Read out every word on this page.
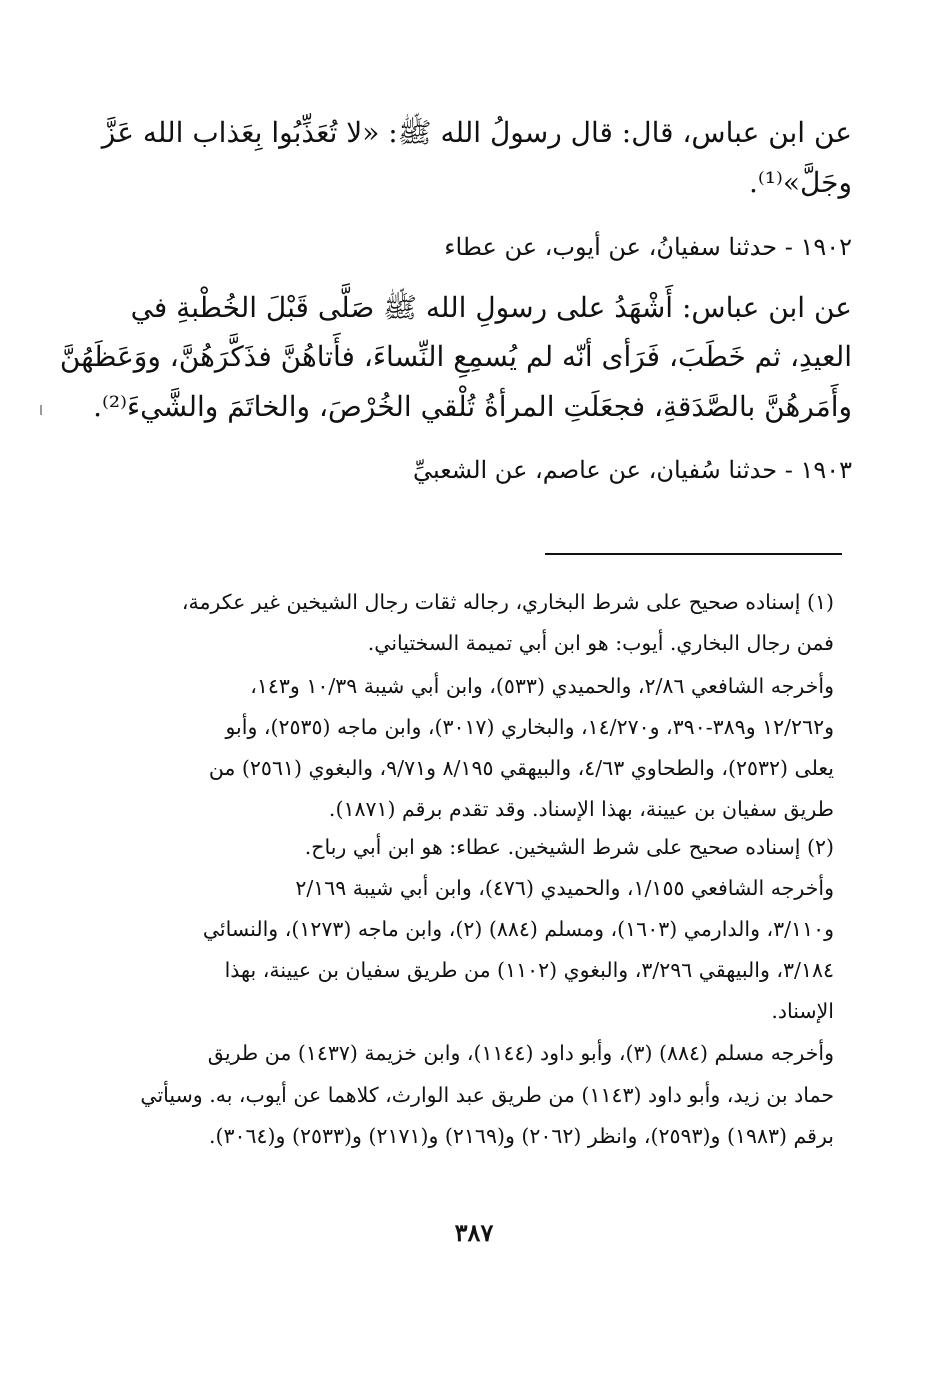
عن ابن عباس، قال: قال رسولُ الله ﷺ: «لا تُعَذِّبُوا بِعَذاب الله عَزَّ
وجَلَّ»⁽¹⁾.
١٩٠٢ - حدثنا سفيانُ، عن أيوب، عن عطاء
عن ابن عباس: أَشْهَدُ على رسولِ الله ﷺ صَلَّى قَبْلَ الخُطْبةِ في
العيدِ، ثم خَطَبَ، فَرَأى أنّه لم يُسمِعِ النِّساءَ، فأَتاهُنَّ فذَكَّرَهُنَّ، ووَعَظَهُنَّ
وأَمَرهُنَّ بالصَّدَقةِ، فجعَلَتِ المرأةُ تُلْقي الخُرْصَ، والخاتَمَ والشَّيءَ⁽²⁾.
١٩٠٣ - حدثنا سُفيان، عن عاصم، عن الشعبيِّ
(١) إسناده صحيح على شرط البخاري، رجاله ثقات رجال الشيخين غير عكرمة،
فمن رجال البخاري. أيوب: هو ابن أبي تميمة السختياني.
وأخرجه الشافعي ٢/٨٦، والحميدي (٥٣٣)، وابن أبي شيبة ١٠/٣٩ و١٤٣،
و١٢/٢٦٢ و٣٨٩-٣٩٠، و١٤/٢٧٠، والبخاري (٣٠١٧)، وابن ماجه (٢٥٣٥)، وأبو
يعلى (٢٥٣٢)، والطحاوي ٤/٦٣، والبيهقي ٨/١٩٥ و٩/٧١، والبغوي (٢٥٦١) من
طريق سفيان بن عيينة، بهذا الإسناد. وقد تقدم برقم (١٨٧١).
(٢) إسناده صحيح على شرط الشيخين. عطاء: هو ابن أبي رباح.
وأخرجه الشافعي ١/١٥٥، والحميدي (٤٧٦)، وابن أبي شيبة ٢/١٦٩
و٣/١١٠، والدارمي (١٦٠٣)، ومسلم (٨٨٤) (٢)، وابن ماجه (١٢٧٣)، والنسائي
٣/١٨٤، والبيهقي ٣/٢٩٦، والبغوي (١١٠٢) من طريق سفيان بن عيينة، بهذا
الإسناد.
وأخرجه مسلم (٨٨٤) (٣)، وأبو داود (١١٤٤)، وابن خزيمة (١٤٣٧) من طريق
حماد بن زيد، وأبو داود (١١٤٣) من طريق عبد الوارث، كلاهما عن أيوب، به. وسيأتي
برقم (١٩٨٣) و(٢٥٩٣)، وانظر (٢٠٦٢) و(٢١٦٩) و(٢١٧١) و(٢٥٣٣) و(٣٠٦٤).
٣٨٧
